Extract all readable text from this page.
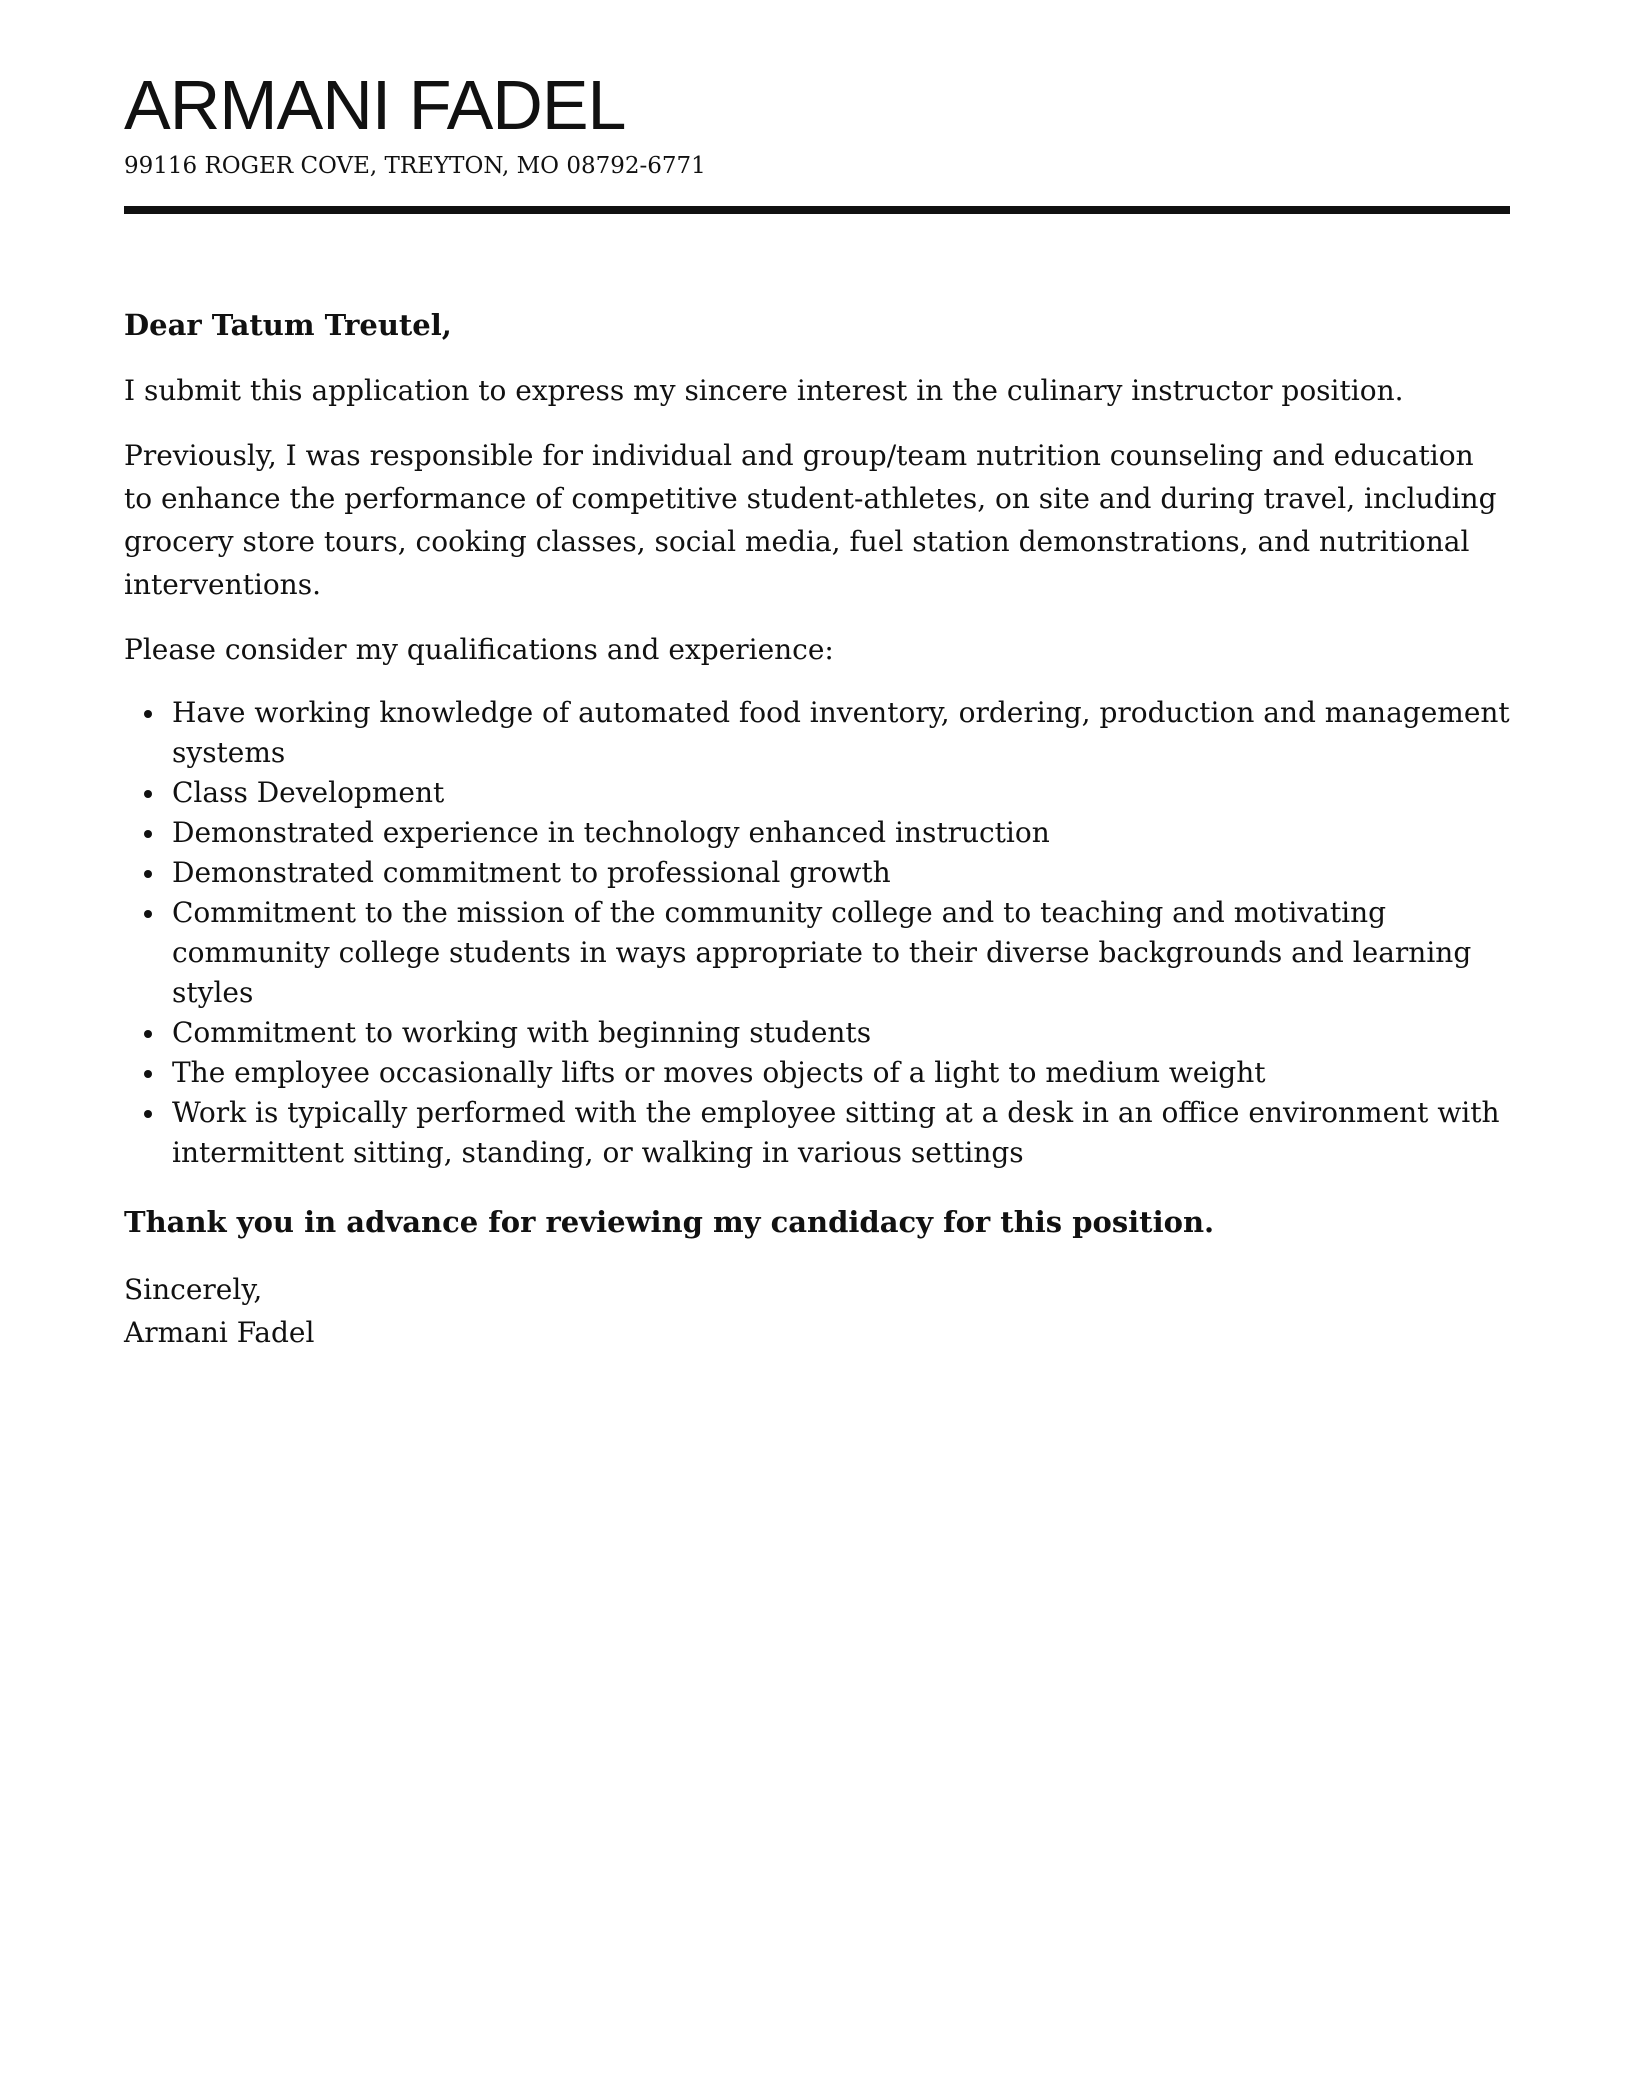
ARMANI FADEL
99116 ROGER COVE, TREYTON, MO 08792-6771

Dear Tatum Treutel,

I submit this application to express my sincere interest in the culinary instructor position.

Previously, I was responsible for individual and group/team nutrition counseling and education to enhance the performance of competitive student-athletes, on site and during travel, including grocery store tours, cooking classes, social media, fuel station demonstrations, and nutritional interventions.

Please consider my qualifications and experience:

Have working knowledge of automated food inventory, ordering, production and management systems
Class Development
Demonstrated experience in technology enhanced instruction
Demonstrated commitment to professional growth
Commitment to the mission of the community college and to teaching and motivating community college students in ways appropriate to their diverse backgrounds and learning styles
Commitment to working with beginning students
The employee occasionally lifts or moves objects of a light to medium weight
Work is typically performed with the employee sitting at a desk in an office environment with intermittent sitting, standing, or walking in various settings

Thank you in advance for reviewing my candidacy for this position.

Sincerely,

Armani Fadel
